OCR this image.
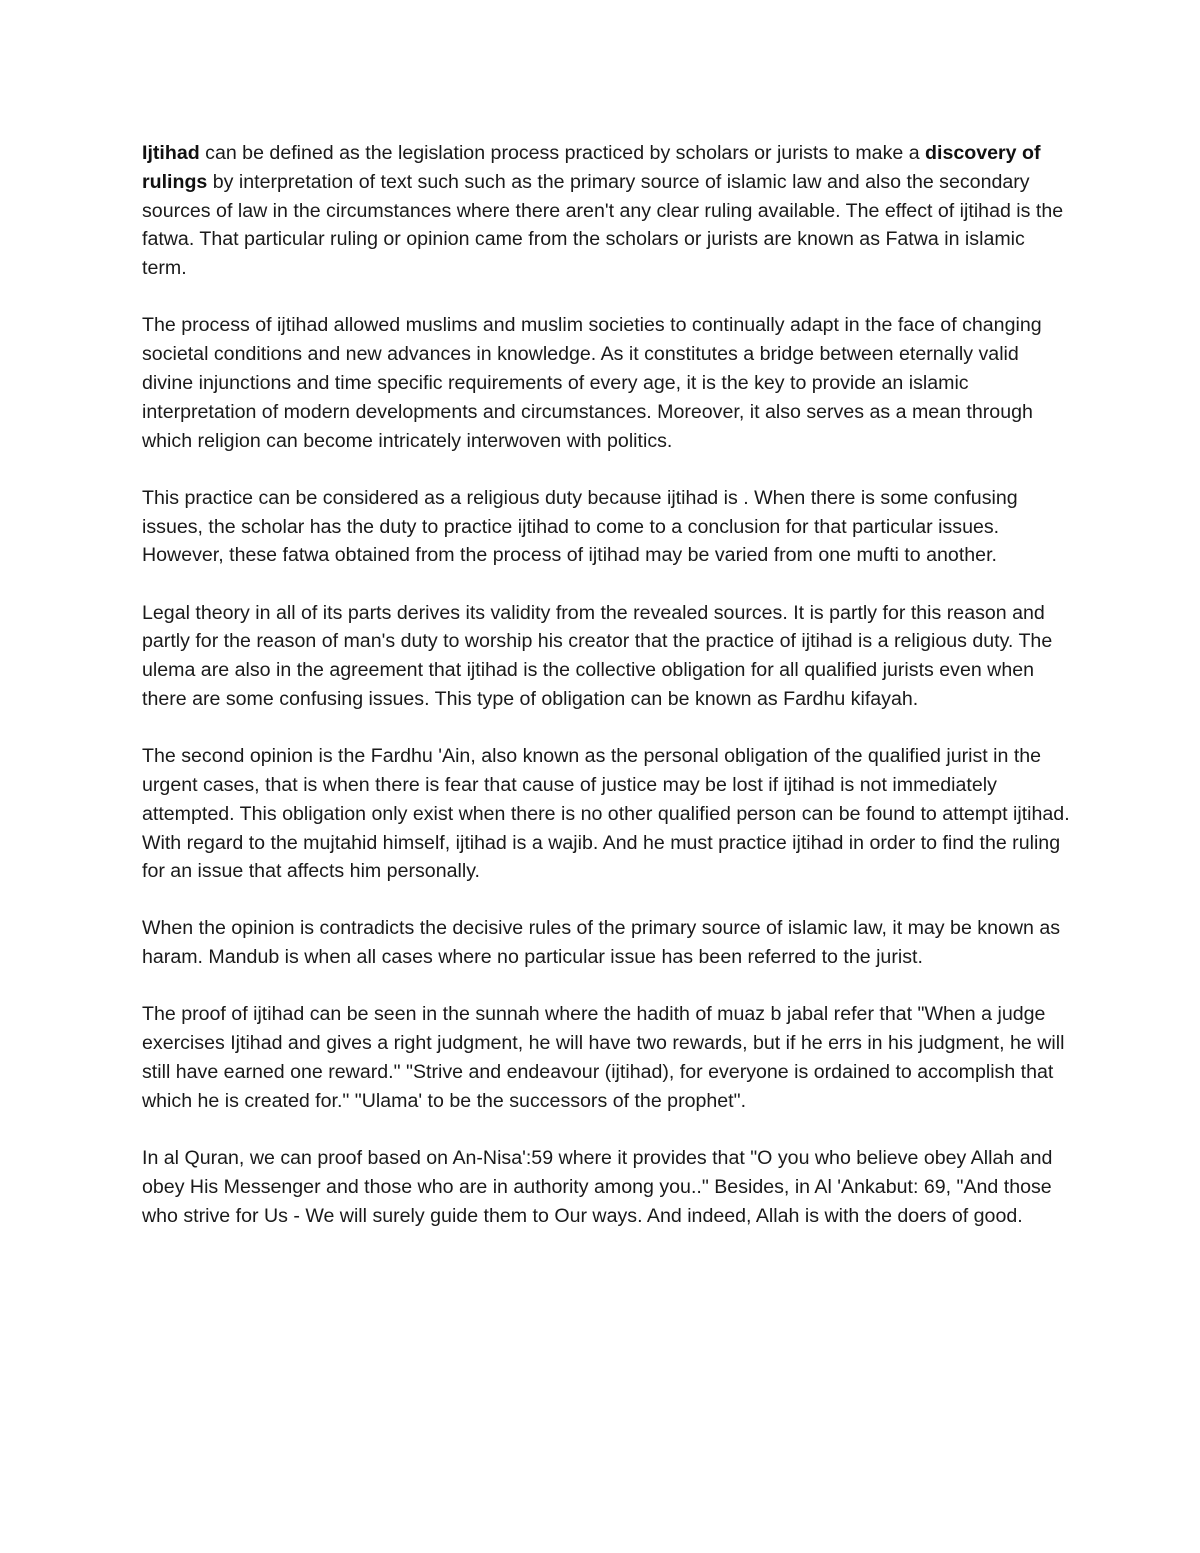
Ijtihad can be defined as the legislation process practiced by scholars or jurists to make a discovery of rulings by interpretation of text such such as the primary source of islamic law and also the secondary sources of law in the circumstances where there aren't any clear ruling available. The effect of ijtihad is the fatwa. That particular ruling or opinion came from the scholars or jurists are known as Fatwa in islamic term.

The process of ijtihad allowed muslims and muslim societies to continually adapt in the face of changing societal conditions and new advances in knowledge. As it constitutes a bridge between eternally valid divine injunctions and time specific requirements of every age, it is the key to provide an islamic interpretation of modern developments and circumstances. Moreover, it also serves as a mean through which religion can become intricately interwoven with politics.

This practice can be considered as a religious duty because ijtihad is . When there is some confusing issues, the scholar has the duty to practice ijtihad to come to a conclusion for that particular issues. However, these fatwa obtained from the process of ijtihad may be varied from one mufti to another.

Legal theory in all of its parts derives its validity from the revealed sources. It is partly for this reason and partly for the reason of man's duty to worship his creator that the practice of ijtihad is a religious duty. The ulema are also in the agreement that ijtihad is the collective obligation for all qualified jurists even when there are some confusing issues. This type of obligation can be known as Fardhu kifayah.

The second opinion is the Fardhu 'Ain, also known as the personal obligation of the qualified jurist in the urgent cases, that is when there is fear that cause of justice may be lost if ijtihad is not immediately attempted. This obligation only exist when there is no other qualified person can be found to attempt ijtihad. With regard to the mujtahid himself, ijtihad is a wajib. And he must practice ijtihad in order to find the ruling for an issue that affects him personally.

When the opinion is contradicts the decisive rules of the primary source of islamic law, it may be known as haram. Mandub is when all cases where no particular issue has been referred to the jurist.

The proof of ijtihad can be seen in the sunnah where the hadith of muaz b jabal refer that "When a judge exercises Ijtihad and gives a right judgment, he will have two rewards, but if he errs in his judgment, he will still have earned one reward." "Strive and endeavour (ijtihad), for everyone is ordained to accomplish that which he is created for." "Ulama' to be the successors of the prophet".

In al Quran, we can proof based on An-Nisa':59 where it provides that "O you who believe obey Allah and obey His Messenger and those who are in authority among you.." Besides, in Al 'Ankabut: 69, "And those who strive for Us - We will surely guide them to Our ways. And indeed, Allah is with the doers of good.
